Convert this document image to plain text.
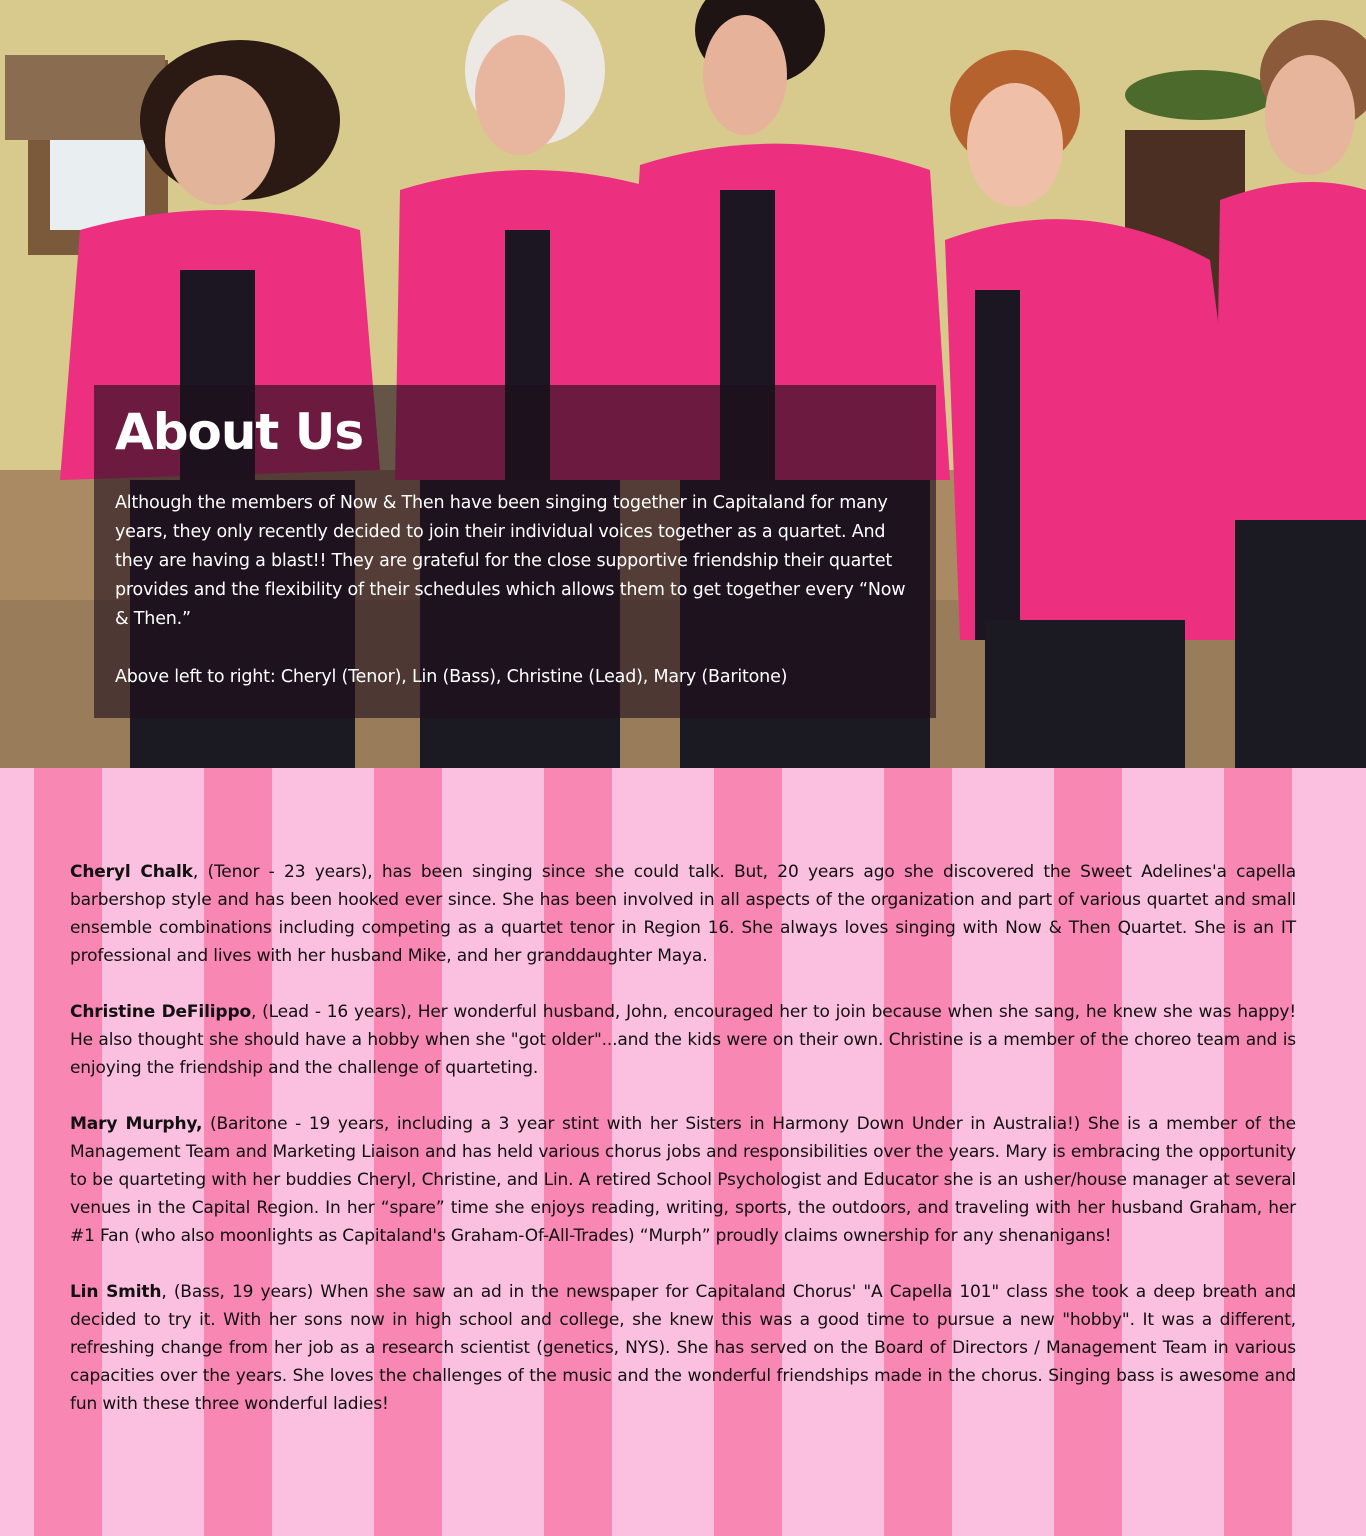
About Us

Although the members of Now & Then have been singing together in Capitaland for many years, they only recently decided to join their individual voices together as a quartet. And they are having a blast!! They are grateful for the close supportive friendship their quartet provides and the flexibility of their schedules which allows them to get together every “Now & Then.”

Above left to right: Cheryl (Tenor), Lin (Bass), Christine (Lead), Mary (Baritone)

Cheryl Chalk, (Tenor - 23 years), has been singing since she could talk. But, 20 years ago she discovered the Sweet Adelines'a capella barbershop style and has been hooked ever since. She has been involved in all aspects of the organization and part of various quartet and small ensemble combinations including competing as a quartet tenor in Region 16. She always loves singing with Now & Then Quartet. She is an IT professional and lives with her husband Mike, and her granddaughter Maya.

Christine DeFilippo, (Lead - 16 years), Her wonderful husband, John, encouraged her to join because when she sang, he knew she was happy! He also thought she should have a hobby when she "got older"...and the kids were on their own. Christine is a member of the choreo team and is enjoying the friendship and the challenge of quarteting.

Mary Murphy, (Baritone - 19 years, including a 3 year stint with her Sisters in Harmony Down Under in Australia!) She is a member of the Management Team and Marketing Liaison and has held various chorus jobs and responsibilities over the years. Mary is embracing the opportunity to be quarteting with her buddies Cheryl, Christine, and Lin. A retired School Psychologist and Educator she is an usher/house manager at several venues in the Capital Region. In her “spare” time she enjoys reading, writing, sports, the outdoors, and traveling with her husband Graham, her #1 Fan (who also moonlights as Capitaland's Graham-Of-All-Trades) “Murph” proudly claims ownership for any shenanigans!

Lin Smith, (Bass, 19 years) When she saw an ad in the newspaper for Capitaland Chorus' "A Capella 101" class she took a deep breath and decided to try it. With her sons now in high school and college, she knew this was a good time to pursue a new "hobby". It was a different, refreshing change from her job as a research scientist (genetics, NYS). She has served on the Board of Directors / Management Team in various capacities over the years. She loves the challenges of the music and the wonderful friendships made in the chorus. Singing bass is awesome and fun with these three wonderful ladies!
